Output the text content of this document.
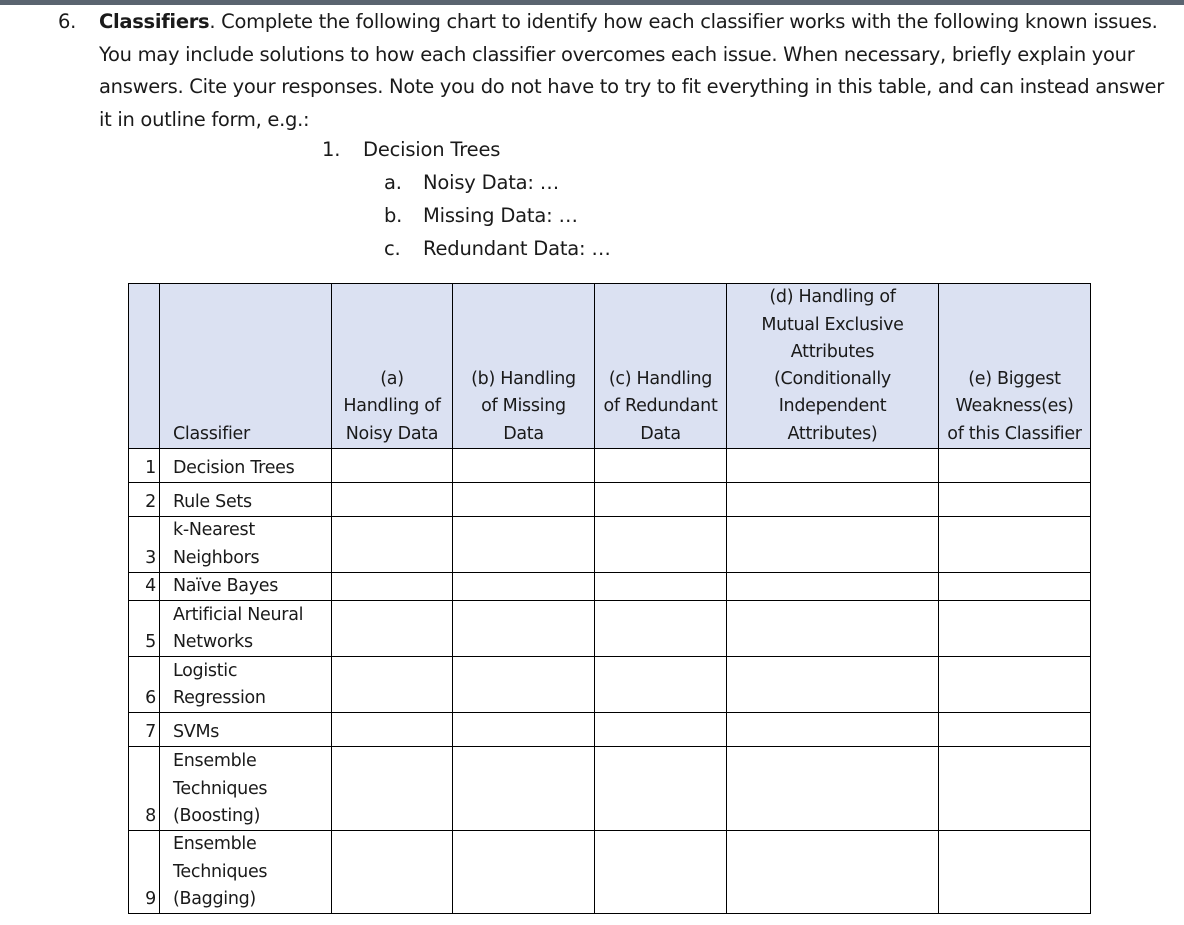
6. Classifiers. Complete the following chart to identify how each classifier works with the following known issues. You may include solutions to how each classifier overcomes each issue. When necessary, briefly explain your answers. Cite your responses. Note you do not have to try to fit everything in this table, and can instead answer it in outline form, e.g.:
1. Decision Trees
a. Noisy Data: …
b. Missing Data: …
c. Redundant Data: …
	Classifier	(a) Handling of Noisy Data	(b) Handling of Missing Data	(c) Handling of Redundant Data	(d) Handling of Mutual Exclusive Attributes (Conditionally Independent Attributes)	(e) Biggest Weakness(es) of this Classifier
1	Decision Trees					
2	Rule Sets					
3	k-Nearest Neighbors					
4	Naïve Bayes					
5	Artificial Neural Networks					
6	Logistic Regression					
7	SVMs					
8	Ensemble Techniques (Boosting)					
9	Ensemble Techniques (Bagging)					
